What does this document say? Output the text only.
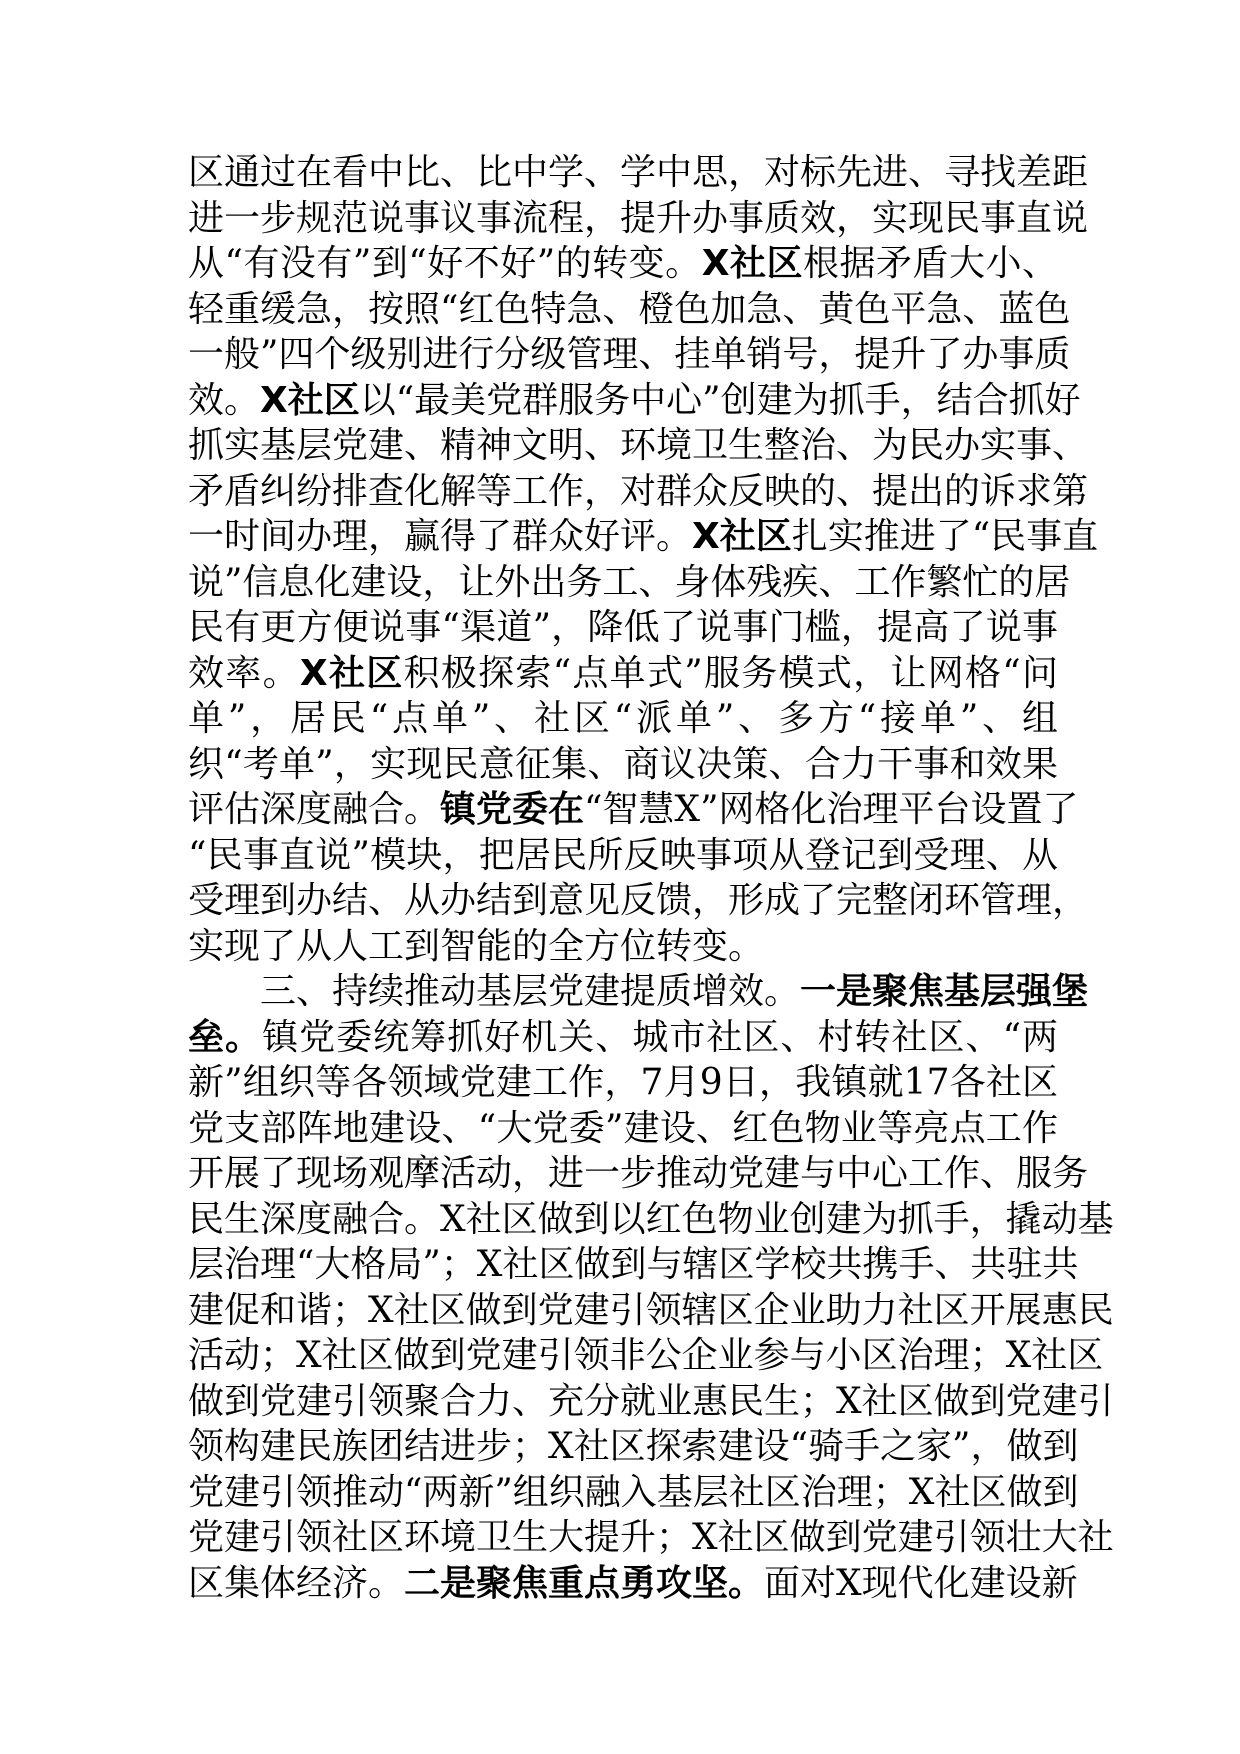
区通过在看中比、比中学、学中思，对标先进、寻找差距
进一步规范说事议事流程，提升办事质效，实现民事直说
从“有没有”到“好不好”的转变。X社区根据矛盾大小、
轻重缓急，按照“红色特急、橙色加急、黄色平急、蓝色
一般”四个级别进行分级管理、挂单销号，提升了办事质
效。X社区以“最美党群服务中心”创建为抓手，结合抓好
抓实基层党建、精神文明、环境卫生整治、为民办实事、
矛盾纠纷排查化解等工作，对群众反映的、提出的诉求第
一时间办理，赢得了群众好评。X社区扎实推进了“民事直
说”信息化建设，让外出务工、身体残疾、工作繁忙的居
民有更方便说事“渠道”，降低了说事门槛，提高了说事
效率。X社区积极探索“点单式”服务模式，让网格“问
单”，居民“点单”、社区“派单”、多方“接单”、组
织“考单”，实现民意征集、商议决策、合力干事和效果
评估深度融合。镇党委在“智慧X”网格化治理平台设置了
“民事直说”模块，把居民所反映事项从登记到受理、从
受理到办结、从办结到意见反馈，形成了完整闭环管理，
实现了从人工到智能的全方位转变。
三、持续推动基层党建提质增效。一是聚焦基层强堡
垒。镇党委统筹抓好机关、城市社区、村转社区、“两
新”组织等各领域党建工作，7月9日，我镇就17各社区
党支部阵地建设、“大党委”建设、红色物业等亮点工作
开展了现场观摩活动，进一步推动党建与中心工作、服务
民生深度融合。X社区做到以红色物业创建为抓手，撬动基
层治理“大格局”；X社区做到与辖区学校共携手、共驻共
建促和谐；X社区做到党建引领辖区企业助力社区开展惠民
活动；X社区做到党建引领非公企业参与小区治理；X社区
做到党建引领聚合力、充分就业惠民生；X社区做到党建引
领构建民族团结进步；X社区探索建设“骑手之家”，做到
党建引领推动“两新”组织融入基层社区治理；X社区做到
党建引领社区环境卫生大提升；X社区做到党建引领壮大社
区集体经济。二是聚焦重点勇攻坚。面对X现代化建设新
